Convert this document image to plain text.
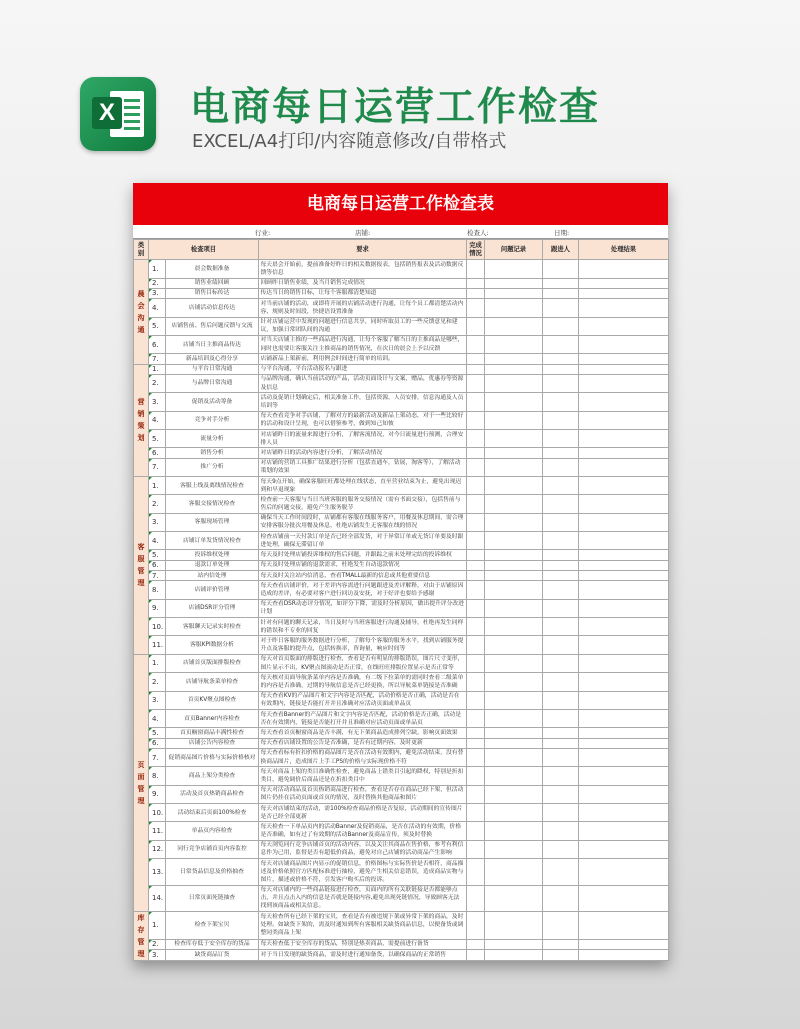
X 电商每日运营工作检查
EXCEL/A4打印/内容随意修改/自带格式
电商每日运营工作检查表
行业:	店铺:	检查人:	日期:
类别	检查项目		要求	完成情况	问题记录	跟进人	处理结果
晨会沟通	1.	晨会数据准备	每天晨会开始前，提前准备好昨日的相关数据报表，包括销售报表及活动数据反馈等信息				
	2.	销售业绩回顾	回顾昨日销售业绩，及当月销售完成情况				
	3.	销售目标传达	传达当日的销售目标，让每个客服都清楚知道				
	4.	店铺活动信息传达	对当前店铺的活动，或即将开展的店铺活动进行沟通，让每个员工都清楚活动内容、规则及时间段，快捷语设置准备				
	5.	店铺售前、售后问题反馈与交流	针对店铺运营中发现的问题进行信息共享，同时听取员工的一些反馈意见和建议，加强日常团队间的沟通				
	6.	店铺当日主推商品传达	对当天店铺主推的一些商品进行沟通，让每个客服了解当日的主推商品是哪些，同时也需要让客服关注主推商品的销售情况，在次日的晨会上予以反馈				
	7.	新品培训及心得分享	店铺新品上架新前，利用例会时间进行简单的培训。				
营销策划	1.	与平台日常沟通	与平台沟通，平台活动报名与跟进				
	2.	与品牌日常沟通	与品牌沟通，确认当前活动的产品，活动页面设计与文案，赠品，优惠券等资源及信息				
	3.	促销及活动筹备	活动及促销计划确定后，相关准备工作，包括资源，人员安排，信息沟通及人员培训等				
	4.	竞争对手分析	每天查看竞争对手店铺，了解对方的最新活动及新品上架动态，对于一些比较好的活动和设计呈现，也可以借鉴参考，做到知己知彼				
	5.	流量分析	对店铺昨日的流量来源进行分析，了解客流情况，对今日流量进行预测，合理安排人员				
	6.	销售分析	对店铺昨日的活动内容进行分析，了解活动情况				
	7.	推广分析	对店铺的营销工具推广结果进行分析（包括直通车，钻展，淘客等），了解活动策划的效果				
客服管理	1.	客服上线及离线情况检查	每天9点开始，确保客服旺旺都处理在线状态，直至营业结束为止，避免出现迟到和早退现象				
	2.	客服交接情况检查	检查前一天客服与当日当班客服的服务交接情况（需有书面交接），包括售前与售后的问题交接，避免产生服务脱节				
	3.	客服现场管理	确保当天工作时间段时，店铺都有客服在线服务客户，用餐及休息期间，需合理安排客服分批次用餐及休息，杜绝店铺发生无客服在线的情况				
	4.	店铺订单发货情况检查	检查店铺前一天付款订单是否已经全部发货，对于异常订单或无货订单要及时跟进处理，确保无滞留订单				
	5.	投诉维权处理	每天及时处理店铺投诉维权的售后问题，并跟踪之前未处理完结的投诉维权				
	6.	退款订单处理	每天及时处理店铺的退款需求，杜绝发生自动退款情况				
	7.	站内信处理	每天及时关注站内信消息，查看TMALL最新的信息或其他重要信息				
	8.	店铺评价管理	每天查看店铺评价，对于差评内容需进行问题跟进及差评解释，对由于店铺原因造成的差评，有必要对客户进行回访及安抚，对于好评也要给予感谢				
	9.	店铺DSR评分管理	每天查看DSR动态评分情况，如评分下降，需及时分析原因，做出提升评分改进计划				
	10.	客服聊天记录实时检查	针对有问题的聊天记录，当日及时与当班客服进行沟通及辅导，杜绝再发生同样的错误和不专业的回复				
	11.	客服KPI数据分析	对于昨日客服的服务数据进行分析，了解每个客服的服务水平，找到店铺服务提升点及客服的提升点，包括转换率，咨询量，响应时间等				
页面管理	1.	店铺首页版面排版检查	每天对首页版面的排版进行检查，查看是否有明显的排版错误，图片尺寸变形，图片显示不出，KV聚点图滚动是否正常，在线旺旺排版位置显示是否正常等				
	2.	店铺导航条菜单检查	每天核对页面导航条菜单内容是否准确，有二级下拉菜单的需同时查看二级菜单的内容是否准确，过期的导航信息是否已经更换，所以导航菜单链接是否准确				
	3.	首页KV聚点图检查	每天查看KV的产品图片和文字内容是否匹配，活动价格是否正确，活动是否在有效期内，链接是否能打开并且准确对应活动页面或单品页				
	4.	首页Banner内容检查	每天查看Banner的产品图片和文字内容是否匹配，活动价格是否正确，活动是否在有效期内，链接是否能打开并且准确对应活动页面或单品页				
	5.	首页橱窗商品丰满性检查	每天查看首页橱窗商品是否丰满，有无下架商品造成排列空缺，影响页面效果				
	6.	店铺公告内容检查	每天查看店铺设置的公告是否准确，是否有过期内容，及时更新				
	7.	促销商品图片价格与实际价格核对	每天查看标有折扣价格的商品图片是否在活动有效期内，避免活动结束，没有替换商品图片，造成图片上手工PS的价格与实际现价格不符				
	8.	商品上架分类检查	每天对商品上架的类目准确性检查，避免商品上错类目引起的降权，特别是折扣类目，避免调价后商品还是在折扣类目中				
	9.	活动及首页热销商品检查	每天对活动商品及首页热销商品进行检查，查看是否存在商品已经下架，但活动图片仍挂在活动页面或首页的情况，及时替换其他商品和图片				
	10.	活动结束后页面100%检查	每天对店铺结束的活动，需100%检查商品价格是否复原，活动期间的宣传图片是否已经全部更新				
	11.	单品页内容检查	每天检查一下单品页内的活动Banner及促销商品，是否在活动的有效期，价格是否准确，如有过了有效期的活动Banner及商品宣传，须及时替换				
	12.	同行竞争店铺首页内容监控	每天浏览同行竞争店铺首页的活动内容，以及关注其商品在售价格，参考有利信息作为己用，监督是否有超低价商品，避免对自己店铺的活动商品产生影响				
	13.	日常货品信息及价格抽查	每天对店铺商品图片内显示的促销信息，价格图标与实际售价是否相符，商品描述及价格依照官方匹配标准进行抽检，避免产生相关信息错误，造成商品实物与图片，描述或价格不符，引发客户购买后的投诉。				
	14.	日常页面死链抽查	每天对店铺内的一些商品链接进行检查，页面内的所有关联链接是否都能够点击，并且点击入内的信息是否就是链接内容,避免出现死链情况，导致顾客无法找到该商品或相关信息。				
库存管理	1.	检查下架宝贝	每天检查所有已经下架的宝贝，查看是否有被违规下架或异常下架的商品，及时处理。如缺货下架的，需及时通知到所有客服相关缺货商品信息，以便备货或调整同类商品上架				
	2.	检查库存低于安全库存的货品	每天检查低于安全库存的货品，特别是热卖商品，需提前进行备货				
	3.	缺货商品订货	对于当日发现的缺货商品，需及时进行通知备货，以确保商品的正常销售				
